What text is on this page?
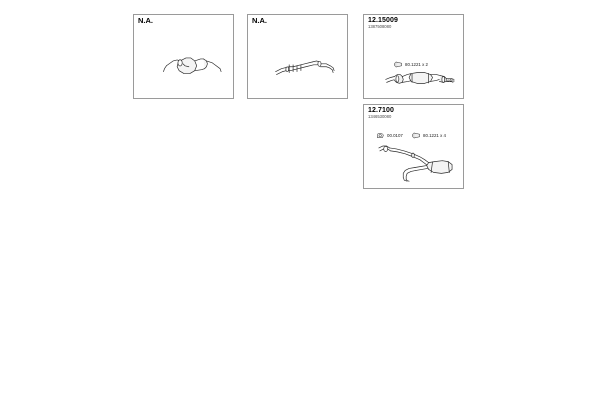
N.A.	N.A.	12.15009
1387508080
80.1221 x 2
ø55
12.7100
1346530080
00.0107	80.1221 x 4
